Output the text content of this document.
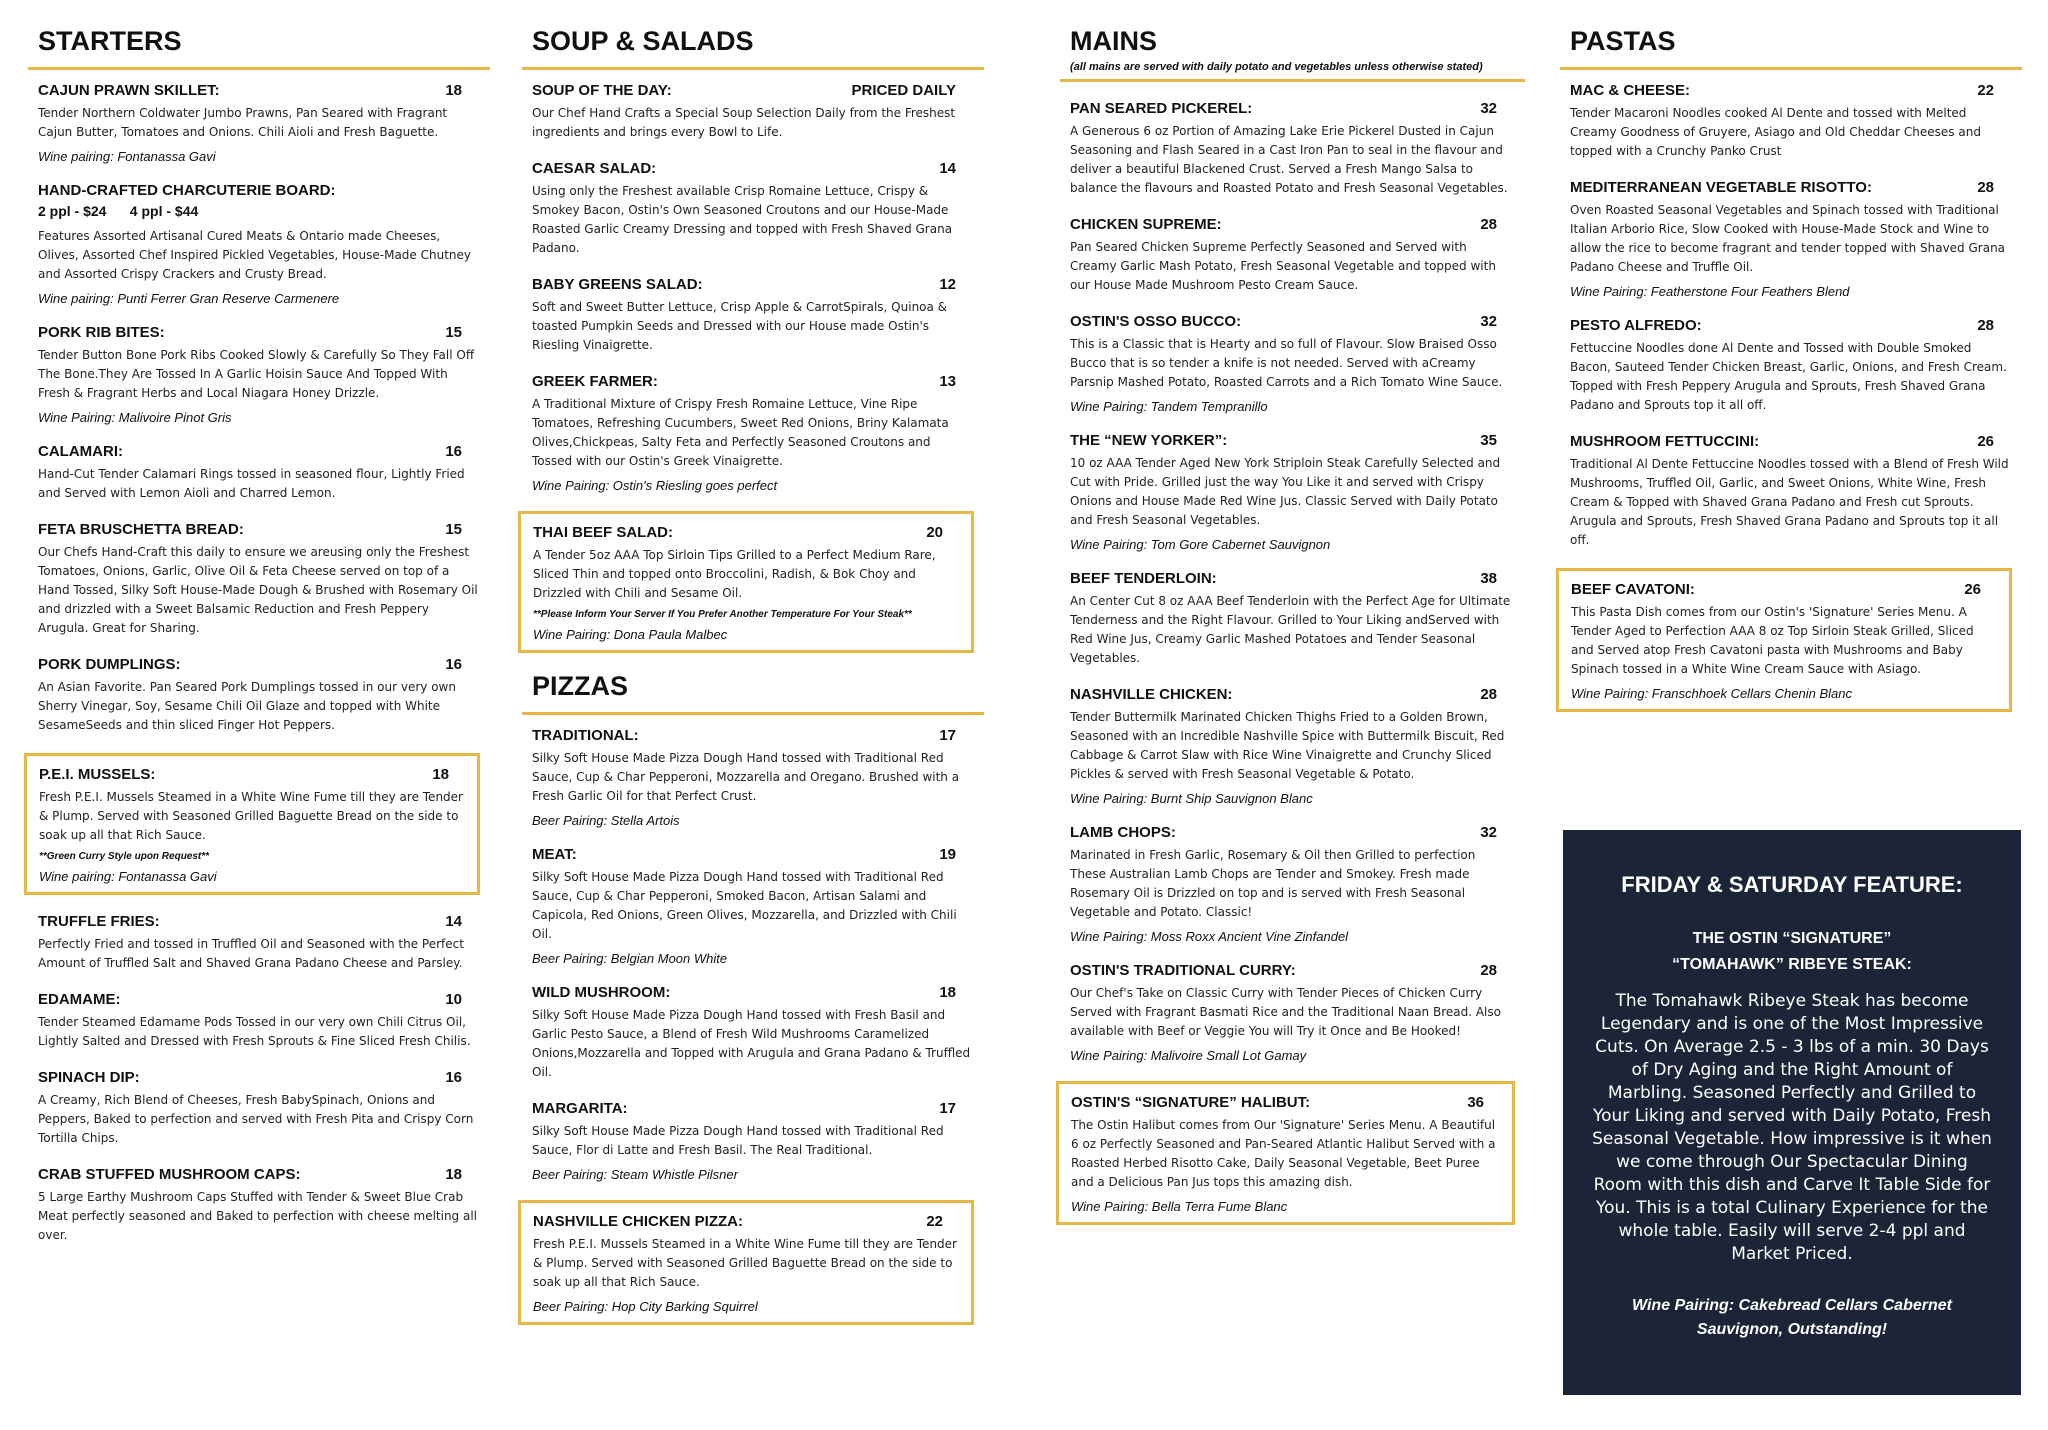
STARTERS
CAJUN PRAWN SKILLET:	18
Tender Northern Coldwater Jumbo Prawns, Pan Seared with Fragrant Cajun Butter, Tomatoes and Onions. Chili Aioli and Fresh Baguette.
Wine pairing: Fontanassa Gavi
HAND-CRAFTED CHARCUTERIE BOARD:
2 ppl - $24      4 ppl - $44
Features Assorted Artisanal Cured Meats & Ontario made Cheeses, Olives, Assorted Chef Inspired Pickled Vegetables, House-Made Chutney and Assorted Crispy Crackers and Crusty Bread.
Wine pairing: Punti Ferrer Gran Reserve Carmenere
PORK RIB BITES:	15
Tender Button Bone Pork Ribs Cooked Slowly & Carefully So They Fall Off The Bone.They Are Tossed In A Garlic Hoisin Sauce And Topped With Fresh & Fragrant Herbs and Local Niagara Honey Drizzle.
Wine Pairing: Malivoire Pinot Gris
CALAMARI:	16
Hand-Cut Tender Calamari Rings tossed in seasoned flour, Lightly Fried and Served with Lemon Aioli and Charred Lemon.
FETA BRUSCHETTA BREAD:	15
Our Chefs Hand-Craft this daily to ensure we areusing only the Freshest Tomatoes, Onions, Garlic, Olive Oil & Feta Cheese served on top of a Hand Tossed, Silky Soft House-Made Dough & Brushed with Rosemary Oil and drizzled with a Sweet Balsamic Reduction and Fresh Peppery Arugula. Great for Sharing.
PORK DUMPLINGS:	16
An Asian Favorite. Pan Seared Pork Dumplings tossed in our very own Sherry Vinegar, Soy, Sesame Chili Oil Glaze and topped with White SesameSeeds and thin sliced Finger Hot Peppers.
P.E.I. MUSSELS:	18
Fresh P.E.I. Mussels Steamed in a White Wine Fume till they are Tender & Plump. Served with Seasoned Grilled Baguette Bread on the side to soak up all that Rich Sauce.
**Green Curry Style upon Request**
Wine pairing: Fontanassa Gavi
TRUFFLE FRIES:	14
Perfectly Fried and tossed in Truffled Oil and Seasoned with the Perfect Amount of Truffled Salt and Shaved Grana Padano Cheese and Parsley.
EDAMAME:	10
Tender Steamed Edamame Pods Tossed in our very own Chili Citrus Oil, Lightly Salted and Dressed with Fresh Sprouts & Fine Sliced Fresh Chilis.
SPINACH DIP:	16
A Creamy, Rich Blend of Cheeses, Fresh BabySpinach, Onions and Peppers, Baked to perfection and served with Fresh Pita and Crispy Corn Tortilla Chips.
CRAB STUFFED MUSHROOM CAPS:	18
5 Large Earthy Mushroom Caps Stuffed with Tender & Sweet Blue Crab Meat perfectly seasoned and Baked to perfection with cheese melting all over.
SOUP & SALADS
SOUP OF THE DAY:	PRICED DAILY
Our Chef Hand Crafts a Special Soup Selection Daily from the Freshest ingredients and brings every Bowl to Life.
CAESAR SALAD:	14
Using only the Freshest available Crisp Romaine Lettuce, Crispy & Smokey Bacon, Ostin's Own Seasoned Croutons and our House-Made Roasted Garlic Creamy Dressing and topped with Fresh Shaved Grana Padano.
BABY GREENS SALAD:	12
Soft and Sweet Butter Lettuce, Crisp Apple & CarrotSpirals, Quinoa & toasted Pumpkin Seeds and Dressed with our House made Ostin's Riesling Vinaigrette.
GREEK FARMER:	13
A Traditional Mixture of Crispy Fresh Romaine Lettuce, Vine Ripe Tomatoes, Refreshing Cucumbers, Sweet Red Onions, Briny Kalamata Olives,Chickpeas, Salty Feta and Perfectly Seasoned Croutons and Tossed with our Ostin's Greek Vinaigrette.
Wine Pairing: Ostin's Riesling goes perfect
THAI BEEF SALAD:	20
A Tender 5oz AAA Top Sirloin Tips Grilled to a Perfect Medium Rare, Sliced Thin and topped onto Broccolini, Radish, & Bok Choy and Drizzled with Chili and Sesame Oil.
**Please Inform Your Server If You Prefer Another Temperature For Your Steak**
Wine Pairing: Dona Paula Malbec
PIZZAS
TRADITIONAL:	17
Silky Soft House Made Pizza Dough Hand tossed with Traditional Red Sauce, Cup & Char Pepperoni, Mozzarella and Oregano. Brushed with a Fresh Garlic Oil for that Perfect Crust.
Beer Pairing: Stella Artois
MEAT:	19
Silky Soft House Made Pizza Dough Hand tossed with Traditional Red Sauce, Cup & Char Pepperoni, Smoked Bacon, Artisan Salami and Capicola, Red Onions, Green Olives, Mozzarella, and Drizzled with Chili Oil.
Beer Pairing: Belgian Moon White
WILD MUSHROOM:	18
Silky Soft House Made Pizza Dough Hand tossed with Fresh Basil and Garlic Pesto Sauce, a Blend of Fresh Wild Mushrooms Caramelized Onions,Mozzarella and Topped with Arugula and Grana Padano & Truffled Oil.
MARGARITA:	17
Silky Soft House Made Pizza Dough Hand tossed with Traditional Red Sauce, Flor di Latte and Fresh Basil. The Real Traditional.
Beer Pairing: Steam Whistle Pilsner
NASHVILLE CHICKEN PIZZA:	22
Fresh P.E.I. Mussels Steamed in a White Wine Fume till they are Tender & Plump. Served with Seasoned Grilled Baguette Bread on the side to soak up all that Rich Sauce.
Beer Pairing: Hop City Barking Squirrel
MAINS
(all mains are served with daily potato and vegetables unless otherwise stated)
PAN SEARED PICKEREL:	32
A Generous 6 oz Portion of Amazing Lake Erie Pickerel Dusted in Cajun Seasoning and Flash Seared in a Cast Iron Pan to seal in the flavour and deliver a beautiful Blackened Crust. Served a Fresh Mango Salsa to balance the flavours and Roasted Potato and Fresh Seasonal Vegetables.
CHICKEN SUPREME:	28
Pan Seared Chicken Supreme Perfectly Seasoned and Served with Creamy Garlic Mash Potato, Fresh Seasonal Vegetable and topped with our House Made Mushroom Pesto Cream Sauce.
OSTIN'S OSSO BUCCO:	32
This is a Classic that is Hearty and so full of Flavour. Slow Braised Osso Bucco that is so tender a knife is not needed. Served with aCreamy Parsnip Mashed Potato, Roasted Carrots and a Rich Tomato Wine Sauce.
Wine Pairing: Tandem Tempranillo
THE “NEW YORKER”:	35
10 oz AAA Tender Aged New York Striploin Steak Carefully Selected and Cut with Pride. Grilled just the way You Like it and served with Crispy Onions and House Made Red Wine Jus. Classic Served with Daily Potato and Fresh Seasonal Vegetables.
Wine Pairing: Tom Gore Cabernet Sauvignon
BEEF TENDERLOIN:	38
An Center Cut 8 oz AAA Beef Tenderloin with the Perfect Age for Ultimate Tenderness and the Right Flavour. Grilled to Your Liking andServed with Red Wine Jus, Creamy Garlic Mashed Potatoes and Tender Seasonal Vegetables.
NASHVILLE CHICKEN:	28
Tender Buttermilk Marinated Chicken Thighs Fried to a Golden Brown, Seasoned with an Incredible Nashville Spice with Buttermilk Biscuit, Red Cabbage & Carrot Slaw with Rice Wine Vinaigrette and Crunchy Sliced Pickles & served with Fresh Seasonal Vegetable & Potato.
Wine Pairing: Burnt Ship Sauvignon Blanc
LAMB CHOPS:	32
Marinated in Fresh Garlic, Rosemary & Oil then Grilled to perfection These Australian Lamb Chops are Tender and Smokey. Fresh made Rosemary Oil is Drizzled on top and is served with Fresh Seasonal Vegetable and Potato. Classic!
Wine Pairing: Moss Roxx Ancient Vine Zinfandel
OSTIN'S TRADITIONAL CURRY:	28
Our Chef's Take on Classic Curry with Tender Pieces of Chicken Curry Served with Fragrant Basmati Rice and the Traditional Naan Bread. Also available with Beef or Veggie You will Try it Once and Be Hooked!
Wine Pairing: Malivoire Small Lot Gamay
OSTIN'S “SIGNATURE” HALIBUT:	36
The Ostin Halibut comes from Our 'Signature' Series Menu. A Beautiful 6 oz Perfectly Seasoned and Pan-Seared Atlantic Halibut Served with a Roasted Herbed Risotto Cake, Daily Seasonal Vegetable, Beet Puree and a Delicious Pan Jus tops this amazing dish.
Wine Pairing: Bella Terra Fume Blanc
PASTAS
MAC & CHEESE:	22
Tender Macaroni Noodles cooked Al Dente and tossed with Melted Creamy Goodness of Gruyere, Asiago and Old Cheddar Cheeses and topped with a Crunchy Panko Crust
MEDITERRANEAN VEGETABLE RISOTTO:	28
Oven Roasted Seasonal Vegetables and Spinach tossed with Traditional Italian Arborio Rice, Slow Cooked with House-Made Stock and Wine to allow the rice to become fragrant and tender topped with Shaved Grana Padano Cheese and Truffle Oil.
Wine Pairing: Featherstone Four Feathers Blend
PESTO ALFREDO:	28
Fettuccine Noodles done Al Dente and Tossed with Double Smoked Bacon, Sauteed Tender Chicken Breast, Garlic, Onions, and Fresh Cream. Topped with Fresh Peppery Arugula and Sprouts, Fresh Shaved Grana Padano and Sprouts top it all off.
MUSHROOM FETTUCCINI:	26
Traditional Al Dente Fettuccine Noodles tossed with a Blend of Fresh Wild Mushrooms, Truffled Oil, Garlic, and Sweet Onions, White Wine, Fresh Cream & Topped with Shaved Grana Padano and Fresh cut Sprouts. Arugula and Sprouts, Fresh Shaved Grana Padano and Sprouts top it all off.
BEEF CAVATONI:	26
This Pasta Dish comes from our Ostin's 'Signature' Series Menu. A Tender Aged to Perfection AAA 8 oz Top Sirloin Steak Grilled, Sliced and Served atop Fresh Cavatoni pasta with Mushrooms and Baby Spinach tossed in a White Wine Cream Sauce with Asiago.
Wine Pairing: Franschhoek Cellars Chenin Blanc
FRIDAY & SATURDAY FEATURE:
THE OSTIN “SIGNATURE”
“TOMAHAWK” RIBEYE STEAK:
The Tomahawk Ribeye Steak has become Legendary and is one of the Most Impressive Cuts. On Average 2.5 - 3 lbs of a min. 30 Days of Dry Aging and the Right Amount of Marbling. Seasoned Perfectly and Grilled to Your Liking and served with Daily Potato, Fresh Seasonal Vegetable. How impressive is it when we come through Our Spectacular Dining Room with this dish and Carve It Table Side for You. This is a total Culinary Experience for the whole table. Easily will serve 2-4 ppl and Market Priced.
Wine Pairing: Cakebread Cellars Cabernet Sauvignon, Outstanding!
